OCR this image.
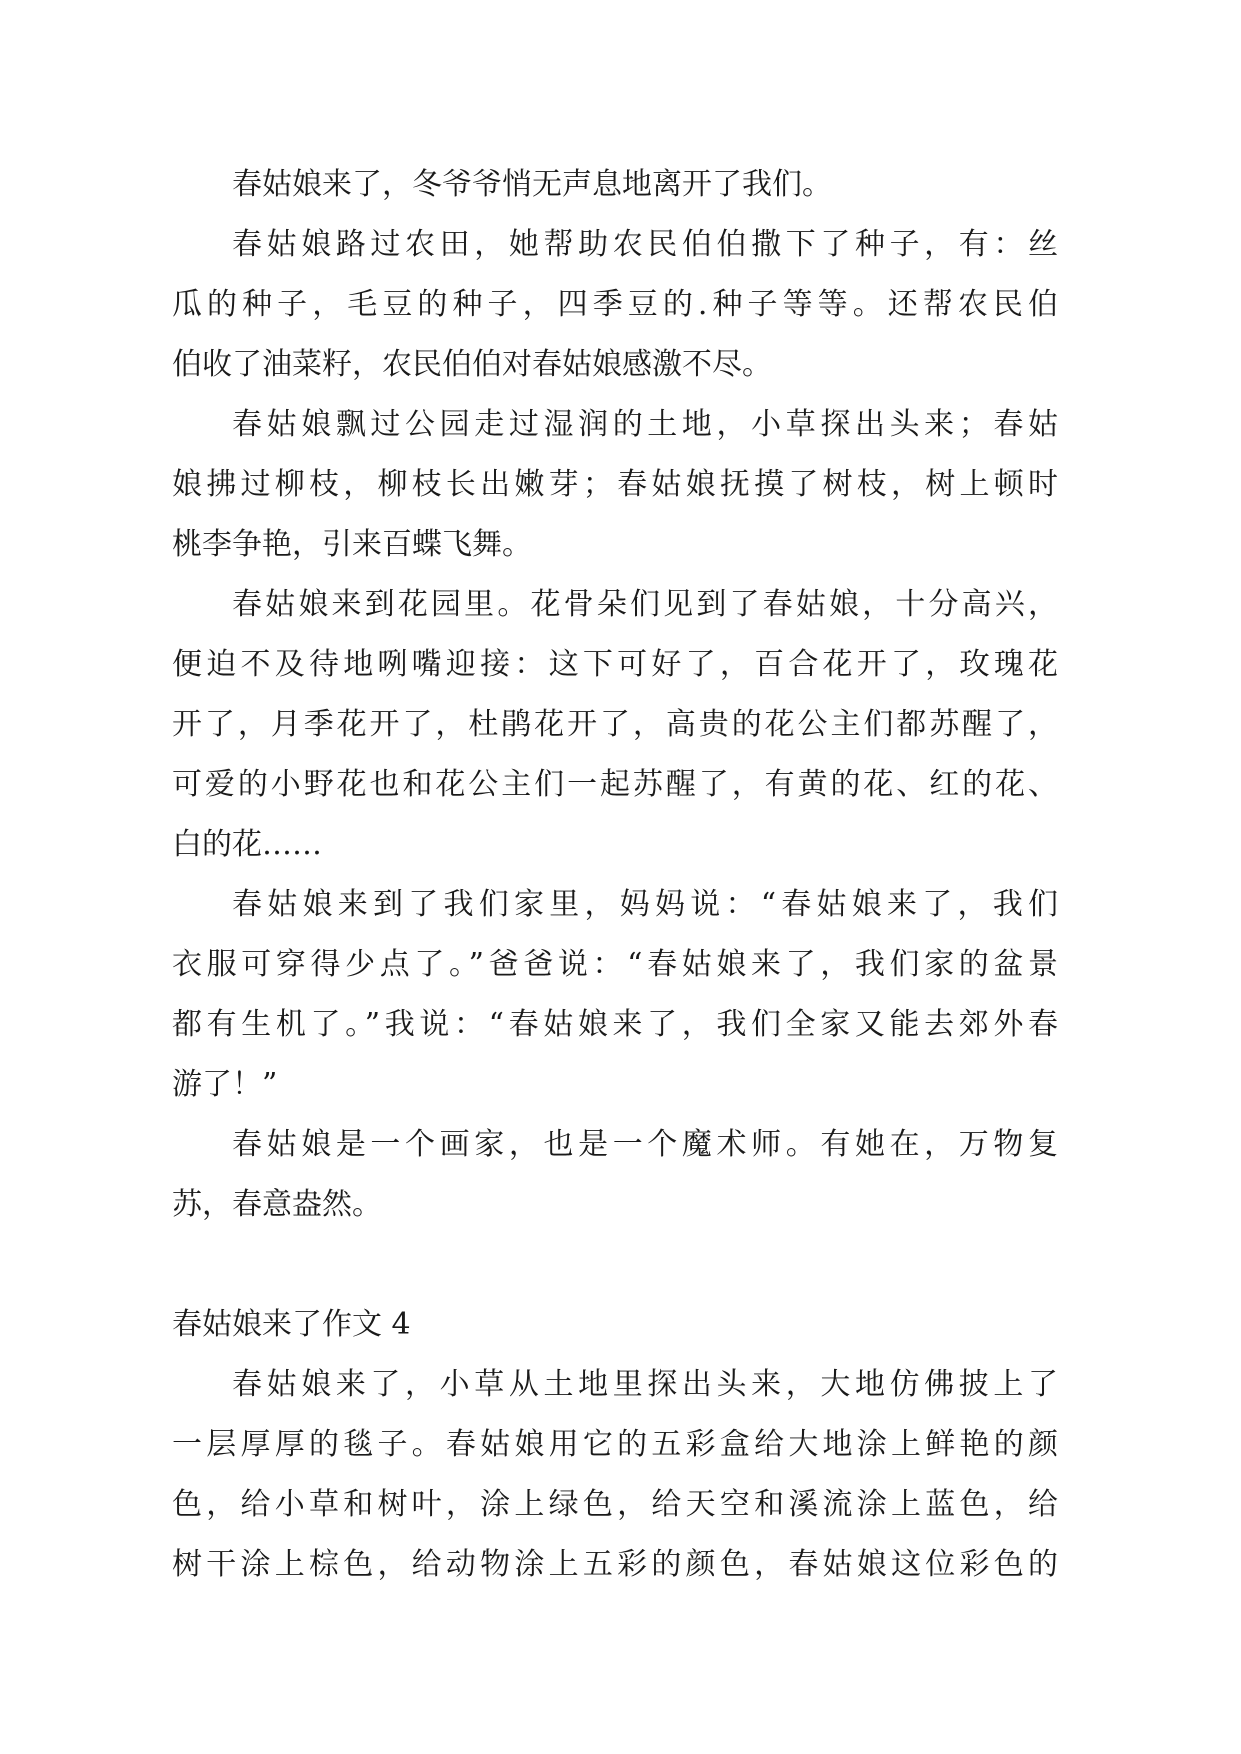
春姑娘来了，冬爷爷悄无声息地离开了我们。
春姑娘路过农田，她帮助农民伯伯撒下了种子，有：丝
瓜的种子，毛豆的种子，四季豆的.种子等等。还帮农民伯
伯收了油菜籽，农民伯伯对春姑娘感激不尽。
春姑娘飘过公园走过湿润的土地，小草探出头来；春姑
娘拂过柳枝，柳枝长出嫩芽；春姑娘抚摸了树枝，树上顿时
桃李争艳，引来百蝶飞舞。
春姑娘来到花园里。花骨朵们见到了春姑娘，十分高兴，
便迫不及待地咧嘴迎接：这下可好了，百合花开了，玫瑰花
开了，月季花开了，杜鹃花开了，高贵的花公主们都苏醒了，
可爱的小野花也和花公主们一起苏醒了，有黄的花、红的花、
白的花……
春姑娘来到了我们家里，妈妈说：“春姑娘来了，我们
衣服可穿得少点了。”爸爸说：“春姑娘来了，我们家的盆景
都有生机了。”我说：“春姑娘来了，我们全家又能去郊外春
游了！”
春姑娘是一个画家，也是一个魔术师。有她在，万物复
苏，春意盎然。
春姑娘来了作文 4
春姑娘来了，小草从土地里探出头来，大地仿佛披上了
一层厚厚的毯子。春姑娘用它的五彩盒给大地涂上鲜艳的颜
色，给小草和树叶，涂上绿色，给天空和溪流涂上蓝色，给
树干涂上棕色，给动物涂上五彩的颜色，春姑娘这位彩色的
